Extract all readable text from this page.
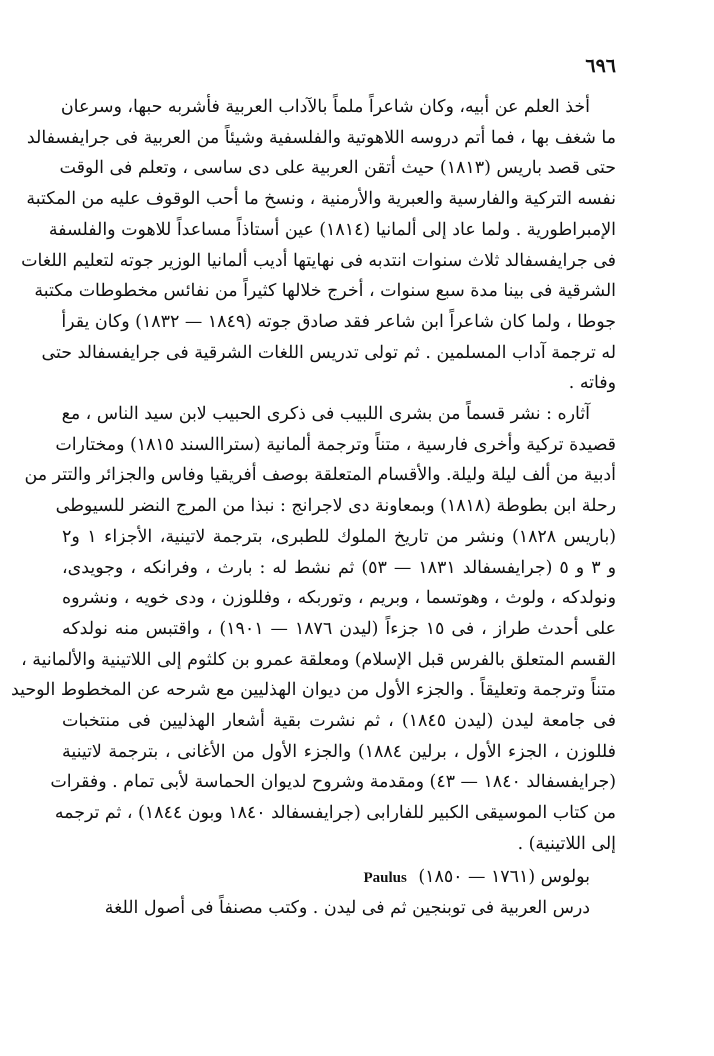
٦٩٦

أخذ العلم عن أبيه، وكان شاعراً ملماً بالآداب العربية فأشربه حبها، وسرعان
ما شغف بها ، فما أتم دروسه اللاهوتية والفلسفية وشيئاً من العربية فى جرايفسفالد
حتى قصد باريس (١٨١٣) حيث أتقن العربية على دى ساسى ، وتعلم فى الوقت
نفسه التركية والفارسية والعبرية والأرمنية ، ونسخ ما أحب الوقوف عليه من المكتبة
الإمبراطورية . ولما عاد إلى ألمانيا (١٨١٤) عين أستاذاً مساعداً للاهوت والفلسفة
فى جرايفسفالد ثلاث سنوات انتدبه فى نهايتها أديب ألمانيا الوزير جوته لتعليم اللغات
الشرقية فى بينا مدة سبع سنوات ، أخرج خلالها كثيراً من نفائس مخطوطات مكتبة
جوطا ، ولما كان شاعراً ابن شاعر فقد صادق جوته (١٨٤٩ — ١٨٣٢) وكان يقرأ
له ترجمة آداب المسلمين . ثم تولى تدريس اللغات الشرقية فى جرايفسفالد حتى
وفاته .

آثاره : نشر قسماً من بشرى اللبيب فى ذكرى الحبيب لابن سيد الناس ، مع
قصيدة تركية وأخرى فارسية ، متناً وترجمة ألمانية (ستراالسند ١٨١٥) ومختارات
أدبية من ألف ليلة وليلة. والأقسام المتعلقة بوصف أفريقيا وفاس والجزائر والتتر من
رحلة ابن بطوطة (١٨١٨) وبمعاونة دى لاجرانج : نبذا من المرج النضر للسيوطى
(باريس ١٨٢٨) ونشر من تاريخ الملوك للطبرى، بترجمة لاتينية، الأجزاء ١ و٢
و ٣ و ٥ (جرايفسفالد ١٨٣١ — ٥٣) ثم نشط له : بارث ، وفرانكه ، وجويدى،
ونولدكه ، ولوث ، وهوتسما ، وبريم ، وتوربكه ، وفللوزن ، ودى خويه ، ونشروه
على أحدث طراز ، فى ١٥ جزءاً (ليدن ١٨٧٦ — ١٩٠١) ، واقتبس منه نولدكه
القسم المتعلق بالفرس قبل الإسلام) ومعلقة عمرو بن كلثوم إلى اللاتينية والألمانية ،
متناً وترجمة وتعليقاً . والجزء الأول من ديوان الهذليين مع شرحه عن المخطوط الوحيد
فى جامعة ليدن (ليدن ١٨٤٥) ، ثم نشرت بقية أشعار الهذليين فى منتخبات
فللوزن ، الجزء الأول ، برلين ١٨٨٤) والجزء الأول من الأغانى ، بترجمة لاتينية
(جرايفسفالد ١٨٤٠ — ٤٣) ومقدمة وشروح لديوان الحماسة لأبى تمام . وفقرات
من كتاب الموسيقى الكبير للفارابى (جرايفسفالد ١٨٤٠ وبون ١٨٤٤) ، ثم ترجمه
إلى اللاتينية) .

بولوس (١٧٦١ — ١٨٥٠) Paulus

درس العربية فى توبنجين ثم فى ليدن . وكتب مصنفاً فى أصول اللغة
